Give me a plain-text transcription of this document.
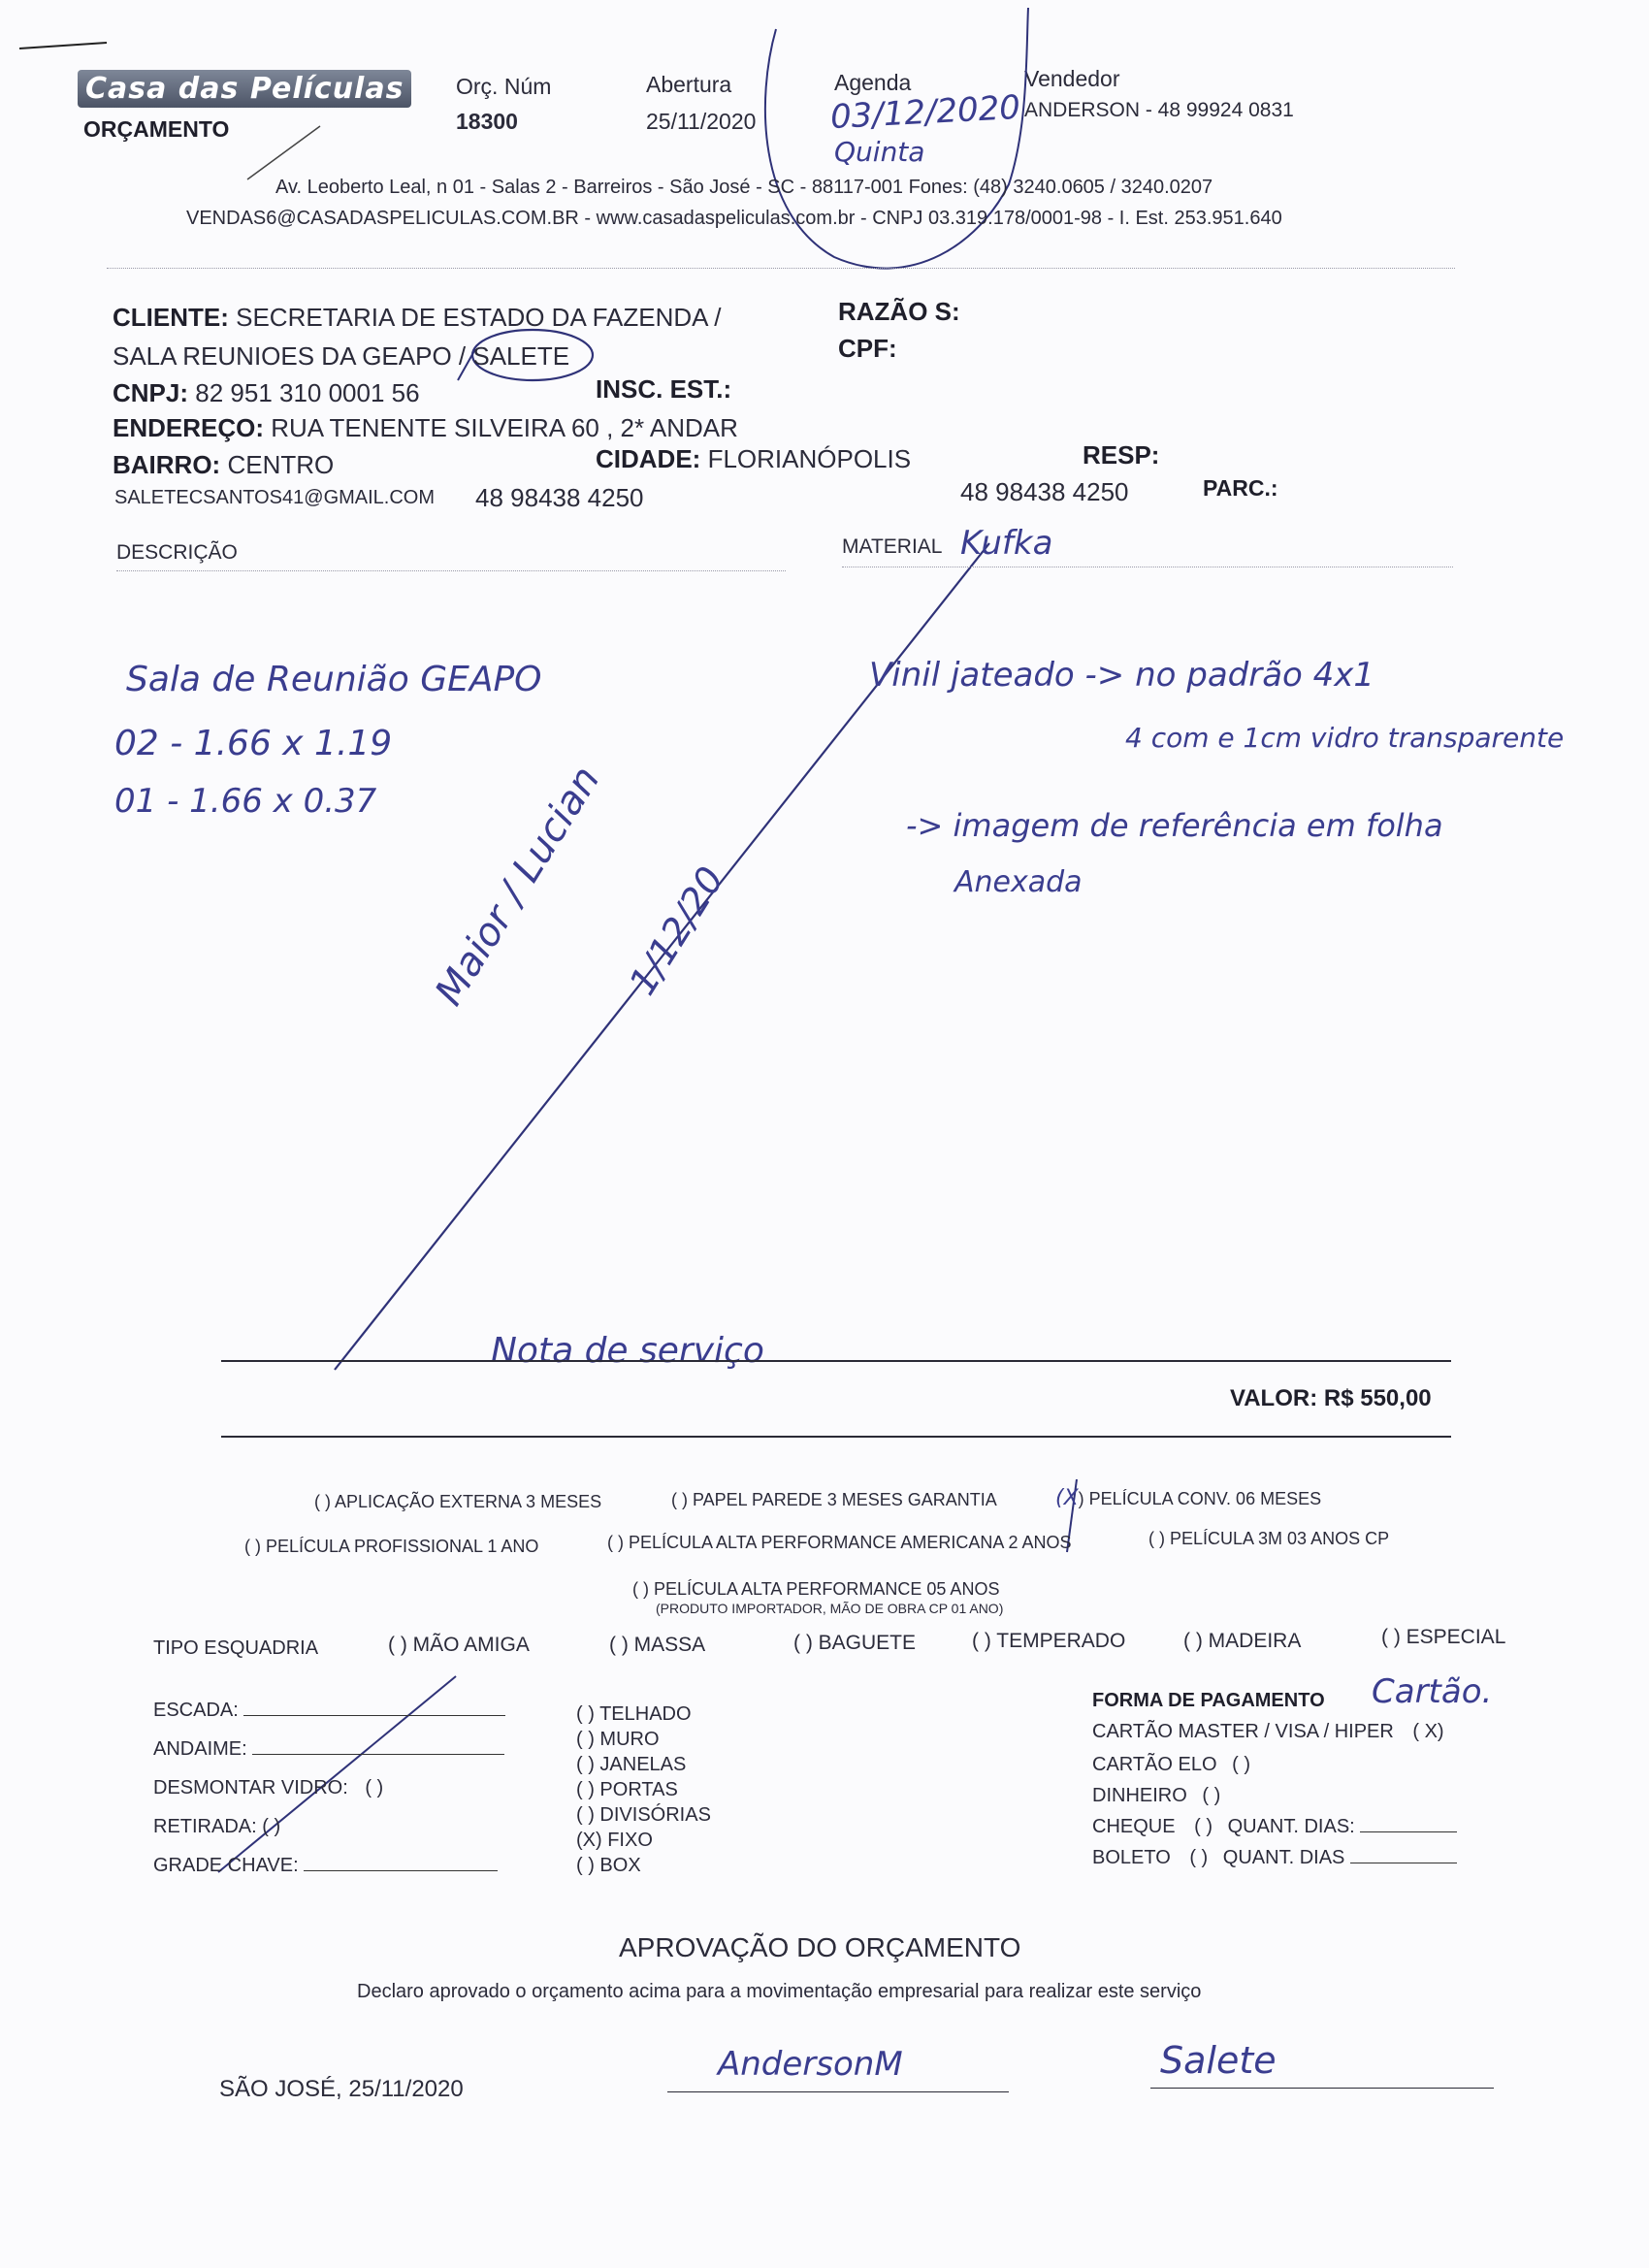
Casa das Películas
ORÇAMENTO
Orç. Núm
18300
Abertura
25/11/2020
Agenda
03/12/2020
Quinta
Vendedor
ANDERSON - 48 99924 0831
Av. Leoberto Leal, n 01 - Salas 2 - Barreiros - São José - SC - 88117-001 Fones: (48) 3240.0605 / 3240.0207
VENDAS6@CASADASPELICULAS.COM.BR - www.casadaspeliculas.com.br - CNPJ 03.319.178/0001-98 - I. Est. 253.951.640
CLIENTE: SECRETARIA DE ESTADO DA FAZENDA /
SALA REUNIOES DA GEAPO / SALETE
RAZÃO S:
CPF:
CNPJ: 82 951 310 0001 56	INSC. EST.:
ENDEREÇO: RUA TENENTE SILVEIRA 60 , 2* ANDAR
BAIRRO: CENTRO	CIDADE: FLORIANÓPOLIS	RESP:
SALETECSANTOS41@GMAIL.COM 48 98438 4250	48 98438 4250	PARC.:
DESCRIÇÃO	MATERIAL Kufka
Sala de Reunião GEAPO
02 - 1.66 x 1.19
01 - 1.66 x 0.37
Vinil jateado -> no padrão 4x1
4 com e 1cm vidro transparente
-> imagem de referência em folha
Anexada
Maior / Lucian 1/12/20
Nota de serviço
VALOR: R$ 550,00
( ) APLICAÇÃO EXTERNA 3 MESES	( ) PAPEL PAREDE 3 MESES GARANTIA	(X) PELÍCULA CONV. 06 MESES
( ) PELÍCULA PROFISSIONAL 1 ANO	( ) PELÍCULA ALTA PERFORMANCE AMERICANA 2 ANOS	( ) PELÍCULA 3M 03 ANOS CP
( ) PELÍCULA ALTA PERFORMANCE 05 ANOS
(PRODUTO IMPORTADOR, MÃO DE OBRA CP 01 ANO)
TIPO ESQUADRIA	( ) MÃO AMIGA	( ) MASSA	( ) BAGUETE	( ) TEMPERADO	( ) MADEIRA	( ) ESPECIAL
ESCADA:
ANDAIME:
DESMONTAR VIDRO: ( )
RETIRADA: ( )
GRADE CHAVE:
( ) TELHADO
( ) MURO
( ) JANELAS
( ) PORTAS
( ) DIVISÓRIAS
(X) FIXO
( ) BOX
FORMA DE PAGAMENTO Cartão.
CARTÃO MASTER / VISA / HIPER ( X)
CARTÃO ELO ( )
DINHEIRO ( )
CHEQUE ( ) QUANT. DIAS:
BOLETO ( ) QUANT. DIAS
APROVAÇÃO DO ORÇAMENTO
Declaro aprovado o orçamento acima para a movimentação empresarial para realizar este serviço
SÃO JOSÉ, 25/11/2020
AndersonM	Salete
